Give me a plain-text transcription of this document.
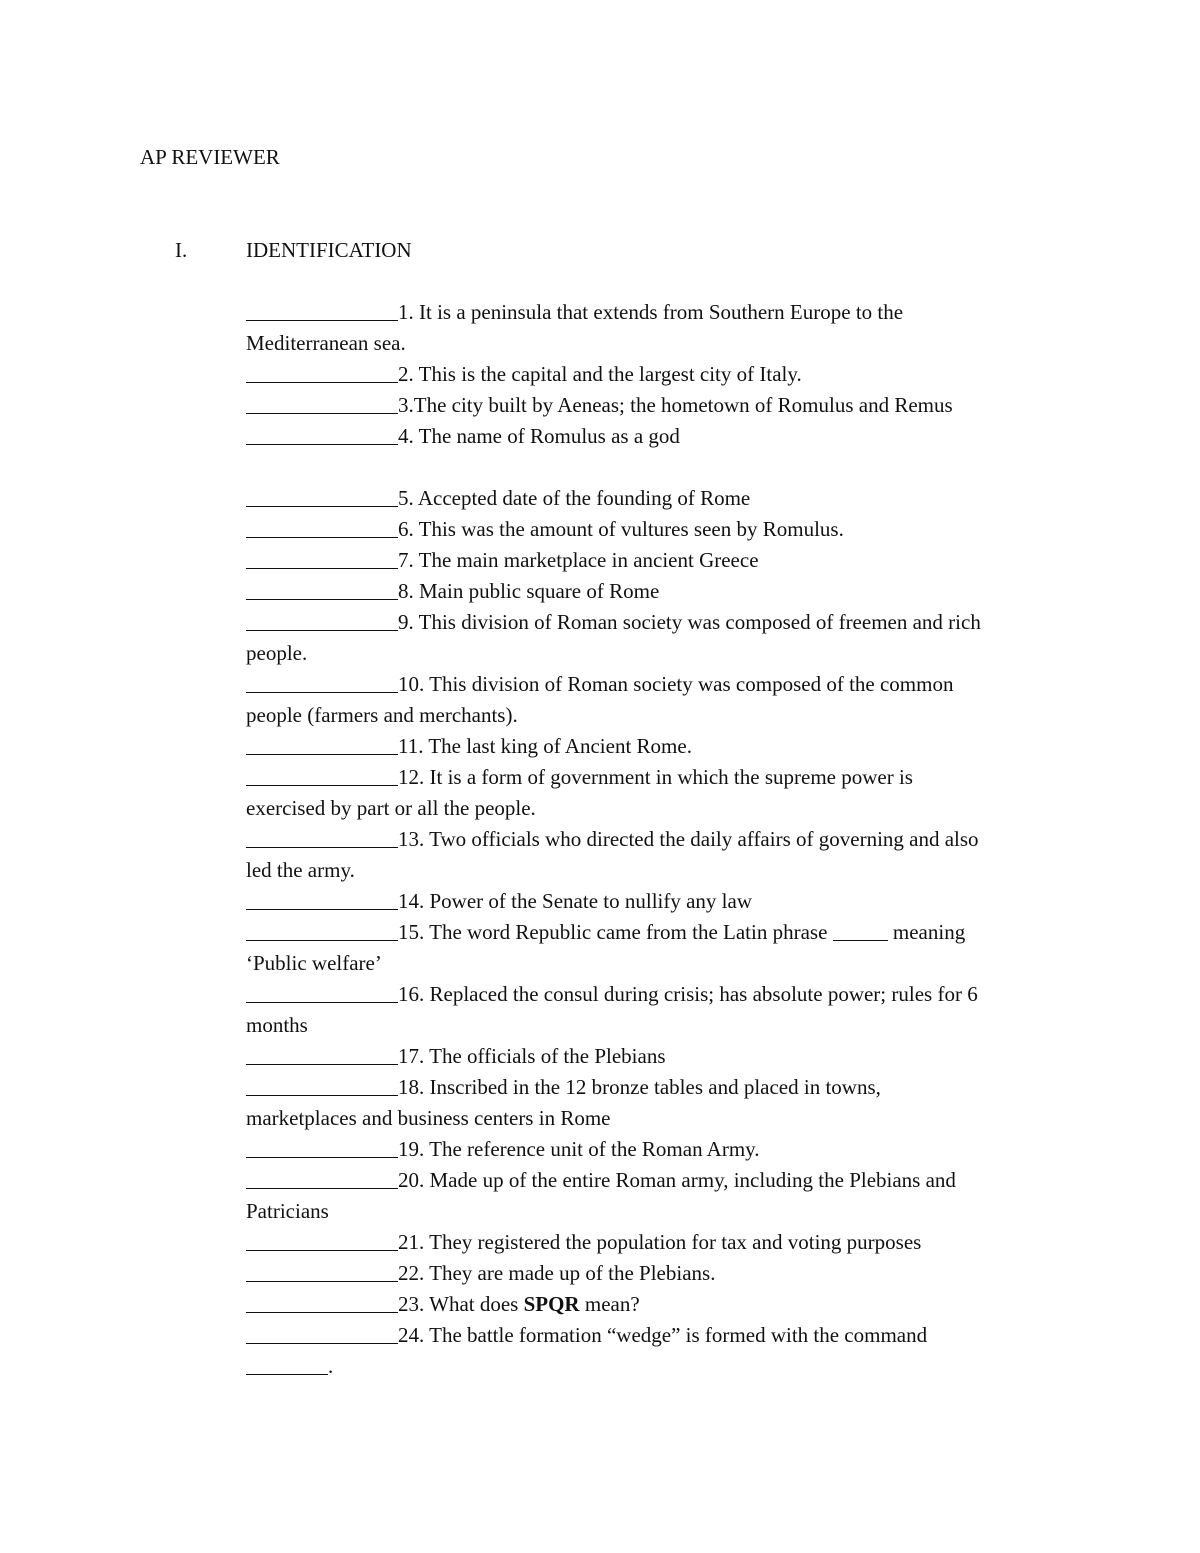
AP REVIEWER
I.	IDENTIFICATION
1. It is a peninsula that extends from Southern Europe to the
Mediterranean sea.
2. This is the capital and the largest city of Italy.
3.The city built by Aeneas; the hometown of Romulus and Remus
4. The name of Romulus as a god
5. Accepted date of the founding of Rome
6. This was the amount of vultures seen by Romulus.
7. The main marketplace in ancient Greece
8. Main public square of Rome
9. This division of Roman society was composed of freemen and rich
people.
10. This division of Roman society was composed of the common
people (farmers and merchants).
11. The last king of Ancient Rome.
12. It is a form of government in which the supreme power is
exercised by part or all the people.
13. Two officials who directed the daily affairs of governing and also
led the army.
14. Power of the Senate to nullify any law
15. The word Republic came from the Latin phrase	meaning
‘Public welfare’
16. Replaced the consul during crisis; has absolute power; rules for 6
months
17. The officials of the Plebians
18. Inscribed in the 12 bronze tables and placed in towns,
marketplaces and business centers in Rome
19. The reference unit of the Roman Army.
20. Made up of the entire Roman army, including the Plebians and
Patricians
21. They registered the population for tax and voting purposes
22. They are made up of the Plebians.
23. What does SPQR mean?
24. The battle formation “wedge” is formed with the command
.
